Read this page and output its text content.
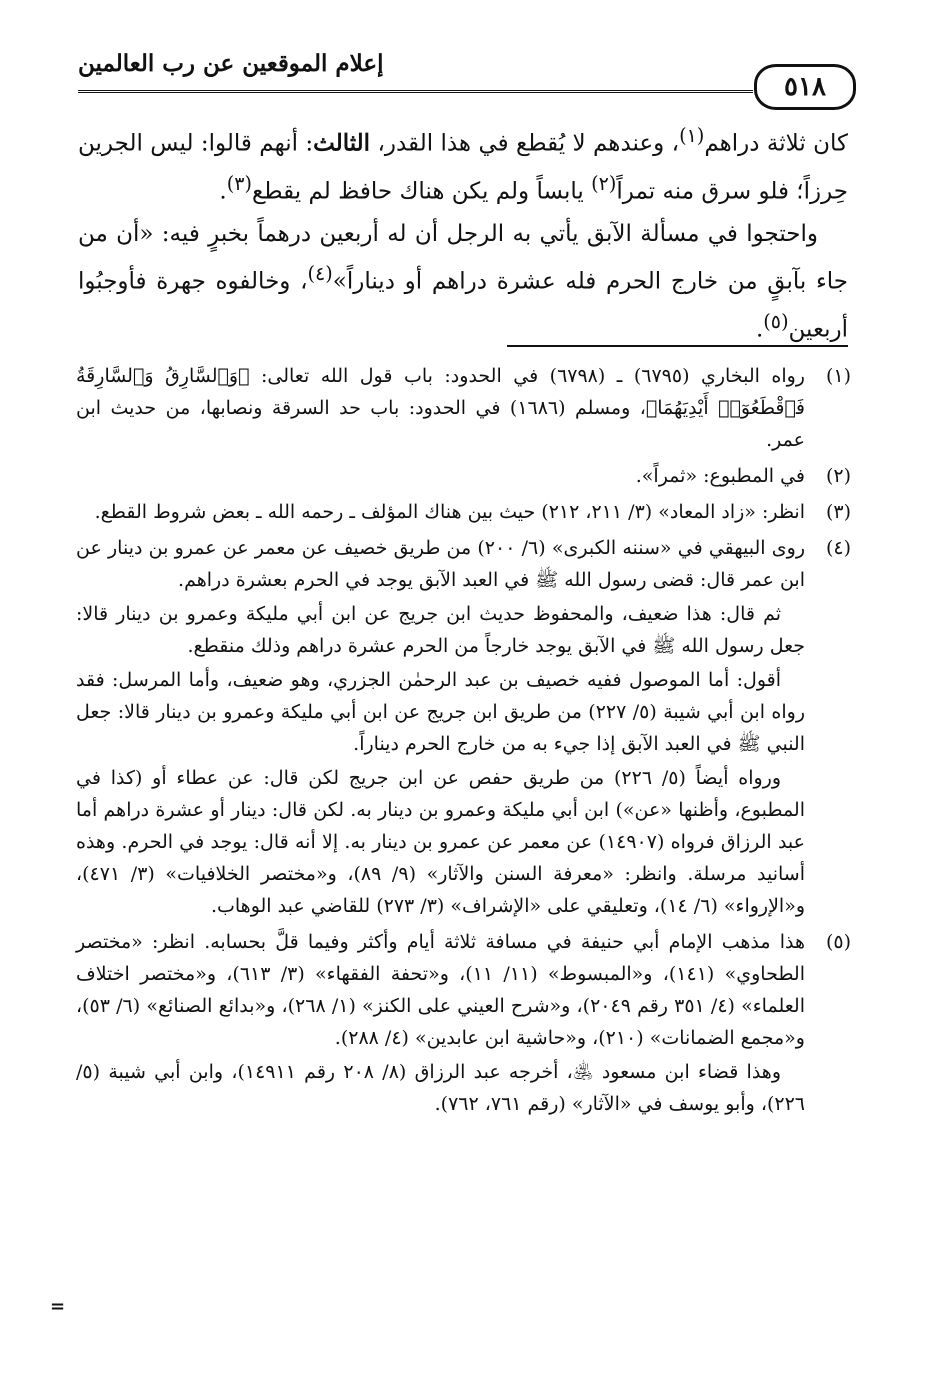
إعلام الموقعين عن رب العالمين
٥١٨

كان ثلاثة دراهم$^{(١)}$، وعندهم لا يُقطع في هذا القدر، الثالث: أنهم قالوا: ليس الجرين حِرزاً؛ فلو سرق منه تمراً$^{(٢)}$ يابساً ولم يكن هناك حافظ لم يقطع$^{(٣)}$.

واحتجوا في مسألة الآبق يأتي به الرجل أن له أربعين درهماً بخبرٍ فيه: «أن من جاء بآبقٍ من خارج الحرم فله عشرة دراهم أو ديناراً»$^{(٤)}$، وخالفوه جهرة فأوجبُوا أربعين$^{(٥)}$.

(١)

رواه البخاري (٦٧٩٥) ـ (٦٧٩٨) في الحدود: باب قول الله تعالى: ﴿وَٱلسَّارِقُ وَٱلسَّارِقَةُ فَٱقْطَعُوٓا۟ أَيْدِيَهُمَا﴾، ومسلم (١٦٨٦) في الحدود: باب حد السرقة ونصابها، من حديث ابن عمر.

(٢)

في المطبوع: «ثمراً».

(٣)

انظر: «زاد المعاد» (٣/ ٢١١، ٢١٢) حيث بين هناك المؤلف ـ رحمه الله ـ بعض شروط القطع.

(٤)

روى البيهقي في «سننه الكبرى» (٦/ ٢٠٠) من طريق خصيف عن معمر عن عمرو بن دينار عن ابن عمر قال: قضى رسول الله ﷺ في العبد الآبق يوجد في الحرم بعشرة دراهم.

ثم قال: هذا ضعيف، والمحفوظ حديث ابن جريج عن ابن أبي مليكة وعمرو بن دينار قالا: جعل رسول الله ﷺ في الآبق يوجد خارجاً من الحرم عشرة دراهم وذلك منقطع.

أقول: أما الموصول ففيه خصيف بن عبد الرحمٰن الجزري، وهو ضعيف، وأما المرسل: فقد رواه ابن أبي شيبة (٥/ ٢٢٧) من طريق ابن جريج عن ابن أبي مليكة وعمرو بن دينار قالا: جعل النبي ﷺ في العبد الآبق إذا جيء به من خارج الحرم ديناراً.

ورواه أيضاً (٥/ ٢٢٦) من طريق حفص عن ابن جريج لكن قال: عن عطاء أو (كذا في المطبوع، وأظنها «عن») ابن أبي مليكة وعمرو بن دينار به. لكن قال: دينار أو عشرة دراهم أما عبد الرزاق فرواه (١٤٩٠٧) عن معمر عن عمرو بن دينار به. إلا أنه قال: يوجد في الحرم. وهذه أسانيد مرسلة. وانظر: «معرفة السنن والآثار» (٩/ ٨٩)، و«مختصر الخلافيات» (٣/ ٤٧١)، و«الإرواء» (٦/ ١٤)، وتعليقي على «الإشراف» (٣/ ٢٧٣) للقاضي عبد الوهاب.

(٥)

هذا مذهب الإمام أبي حنيفة في مسافة ثلاثة أيام وأكثر وفيما قلَّ بحسابه. انظر: «مختصر الطحاوي» (١٤١)، و«المبسوط» (١١/ ١١)، و«تحفة الفقهاء» (٣/ ٦١٣)، و«مختصر اختلاف العلماء» (٤/ ٣٥١ رقم ٢٠٤٩)، و«شرح العيني على الكنز» (١/ ٢٦٨)، و«بدائع الصنائع» (٦/ ٥٣)، و«مجمع الضمانات» (٢١٠)، و«حاشية ابن عابدين» (٤/ ٢٨٨).

وهذا قضاء ابن مسعود ﵁، أخرجه عبد الرزاق (٨/ ٢٠٨ رقم ١٤٩١١)، وابن أبي شيبة (٥/ ٢٢٦)، وأبو يوسف في «الآثار» (رقم ٧٦١، ٧٦٢).

=
